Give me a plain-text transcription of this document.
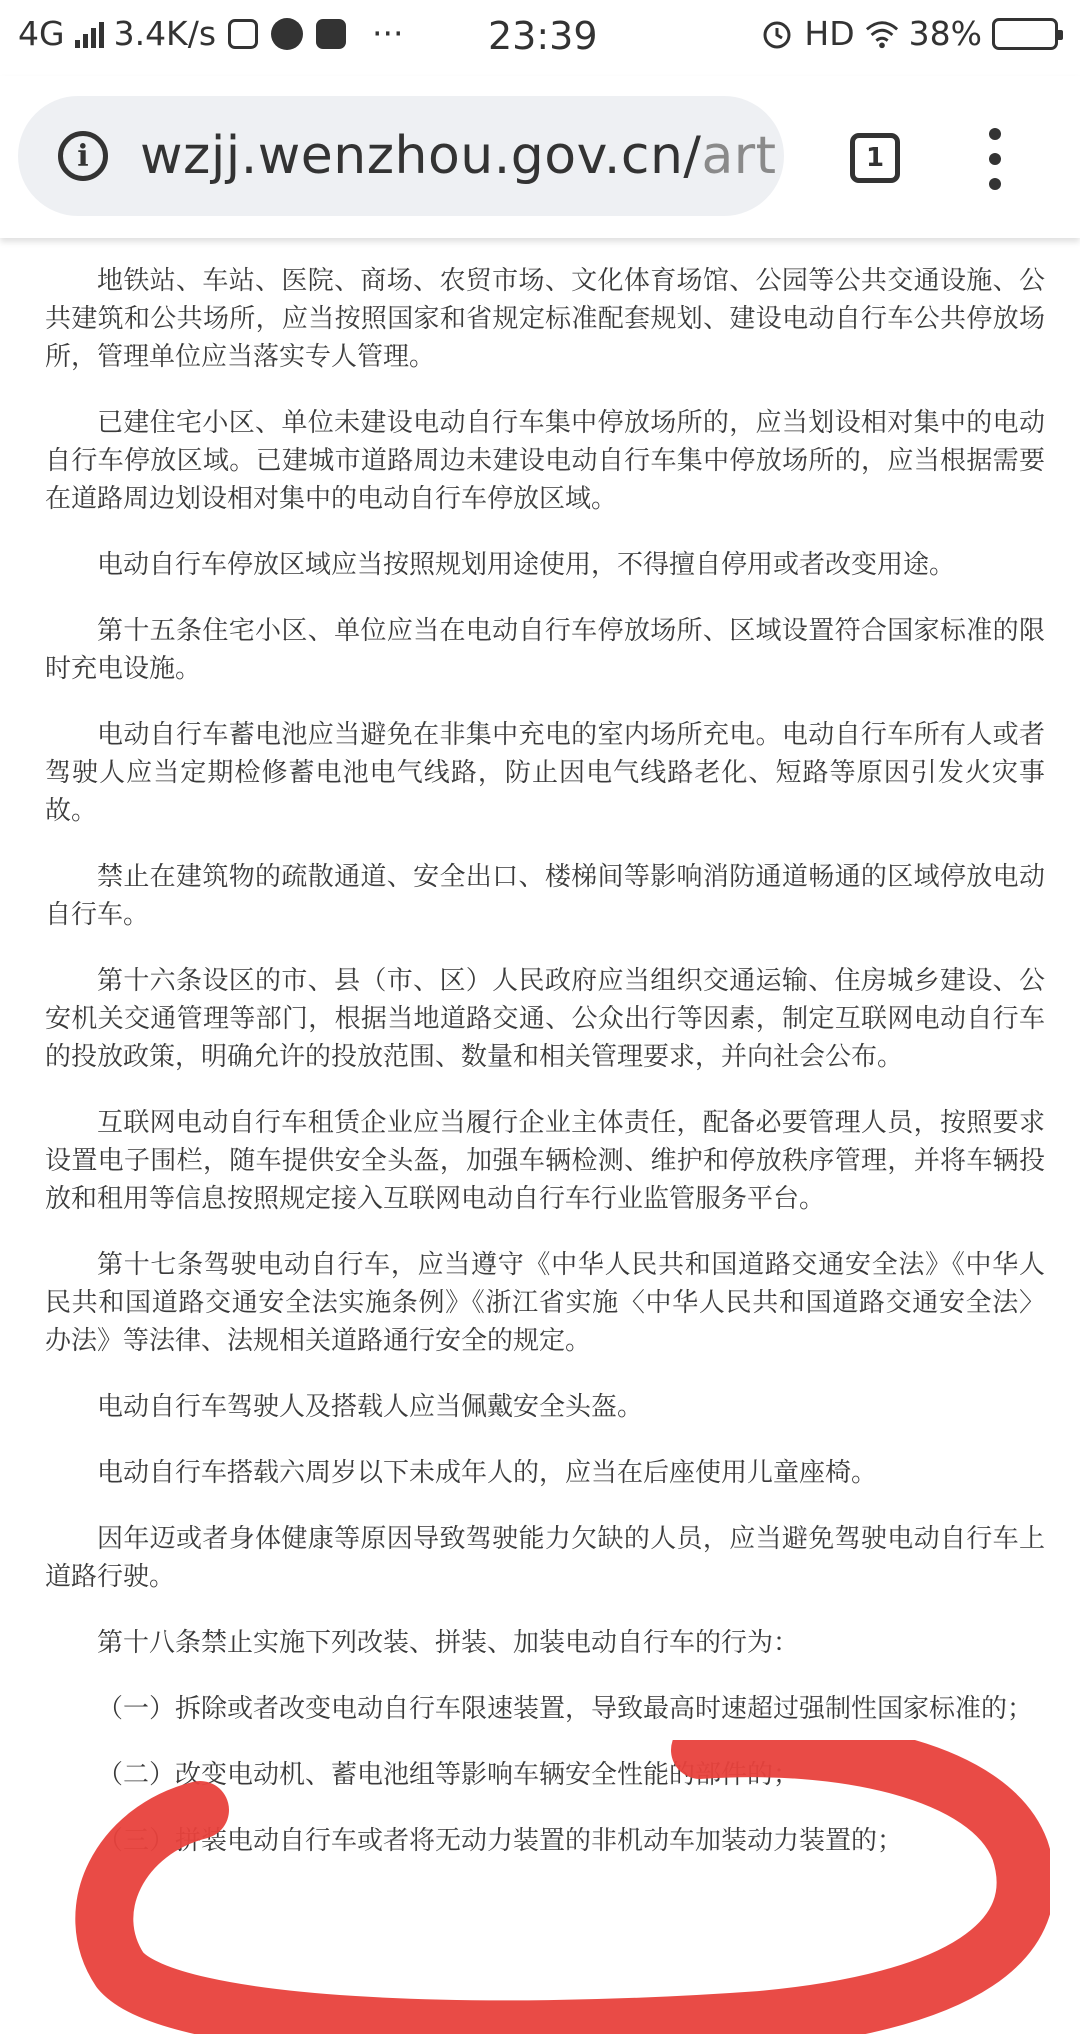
4G 3.4K/s	··· 23:39	HD 38%
i wzjj.wenzhou.gov.cn/art	1

地铁站、车站、医院、商场、农贸市场、文化体育场馆、公园等公共交通设施、公共建筑和公共场所，应当按照国家和省规定标准配套规划、建设电动自行车公共停放场所，管理单位应当落实专人管理。

已建住宅小区、单位未建设电动自行车集中停放场所的，应当划设相对集中的电动自行车停放区域。已建城市道路周边未建设电动自行车集中停放场所的，应当根据需要在道路周边划设相对集中的电动自行车停放区域。

电动自行车停放区域应当按照规划用途使用，不得擅自停用或者改变用途。

第十五条住宅小区、单位应当在电动自行车停放场所、区域设置符合国家标准的限时充电设施。

电动自行车蓄电池应当避免在非集中充电的室内场所充电。电动自行车所有人或者驾驶人应当定期检修蓄电池电气线路，防止因电气线路老化、短路等原因引发火灾事故。

禁止在建筑物的疏散通道、安全出口、楼梯间等影响消防通道畅通的区域停放电动自行车。

第十六条设区的市、县（市、区）人民政府应当组织交通运输、住房城乡建设、公安机关交通管理等部门，根据当地道路交通、公众出行等因素，制定互联网电动自行车的投放政策，明确允许的投放范围、数量和相关管理要求，并向社会公布。

互联网电动自行车租赁企业应当履行企业主体责任，配备必要管理人员，按照要求设置电子围栏，随车提供安全头盔，加强车辆检测、维护和停放秩序管理，并将车辆投放和租用等信息按照规定接入互联网电动自行车行业监管服务平台。

第十七条驾驶电动自行车，应当遵守《中华人民共和国道路交通安全法》《中华人民共和国道路交通安全法实施条例》《浙江省实施〈中华人民共和国道路交通安全法〉办法》等法律、法规相关道路通行安全的规定。

电动自行车驾驶人及搭载人应当佩戴安全头盔。

电动自行车搭载六周岁以下未成年人的，应当在后座使用儿童座椅。

因年迈或者身体健康等原因导致驾驶能力欠缺的人员，应当避免驾驶电动自行车上道路行驶。

第十八条禁止实施下列改装、拼装、加装电动自行车的行为：

（一）拆除或者改变电动自行车限速装置，导致最高时速超过强制性国家标准的；

（二）改变电动机、蓄电池组等影响车辆安全性能的部件的；

（三）拼装电动自行车或者将无动力装置的非机动车加装动力装置的；
